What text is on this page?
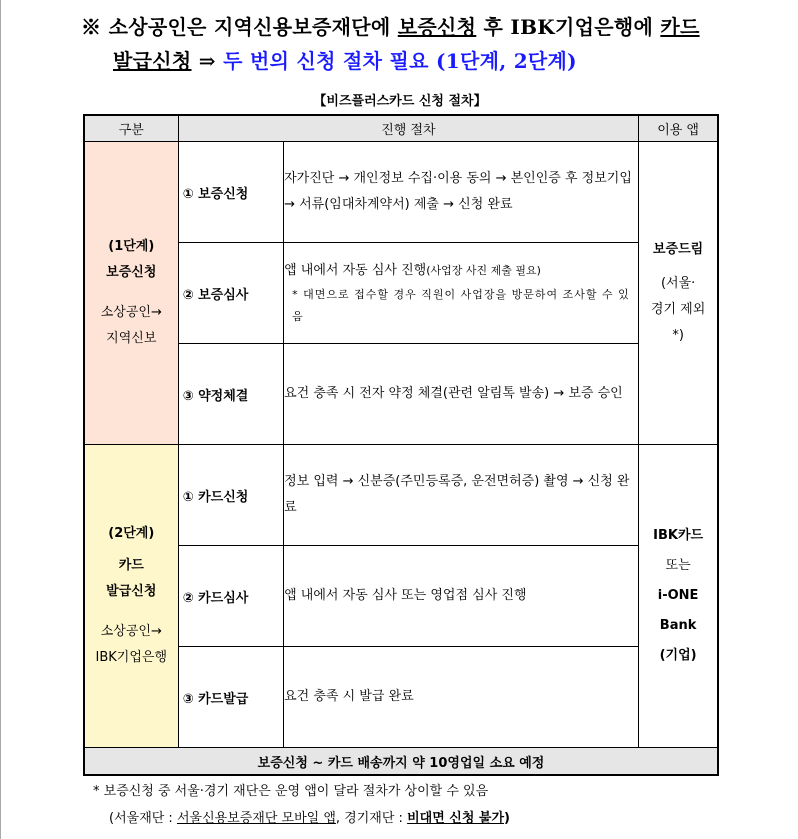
※ 소상공인은 지역신용보증재단에 보증신청 후 IBK기업은행에 카드
발급신청 ⇒ 두 번의 신청 절차 필요 (1단계, 2단계)
【비즈플러스카드 신청 절차】
구분	진행 절차		이용 앱
(1단계)
보증신청

소상공인→
지역신보	① 보증신청	자가진단 → 개인정보 수집·이용 동의 → 본인인증 후 정보기입 → 서류(임대차계약서) 제출 → 신청 완료	보증드림

(서울·
경기 제외
*)
	② 보증심사	앱 내에서 자동 심사 진행(사업장 사진 제출 필요)
* 대면으로 접수할 경우 직원이 사업장을 방문하여 조사할 수 있음	

	③ 약정체결	요건 충족 시 전자 약정 체결(관련 알림톡 발송) → 보증 승인	
(2단계)

카드
발급신청

소상공인→
IBK기업은행	① 카드신청	정보 입력 → 신분증(주민등록증, 운전면허증) 촬영 → 신청 완료	IBK카드
또는
i-ONE
Bank
(기업)
	② 카드심사	앱 내에서 자동 심사 또는 영업점 심사 진행	
	③ 카드발급	요건 충족 시 발급 완료	
보증신청 ~ 카드 배송까지 약 10영업일 소요 예정			
* 보증신청 중 서울·경기 재단은 운영 앱이 달라 절차가 상이할 수 있음
(서울재단 : 서울신용보증재단 모바일 앱, 경기재단 : 비대면 신청 불가)
